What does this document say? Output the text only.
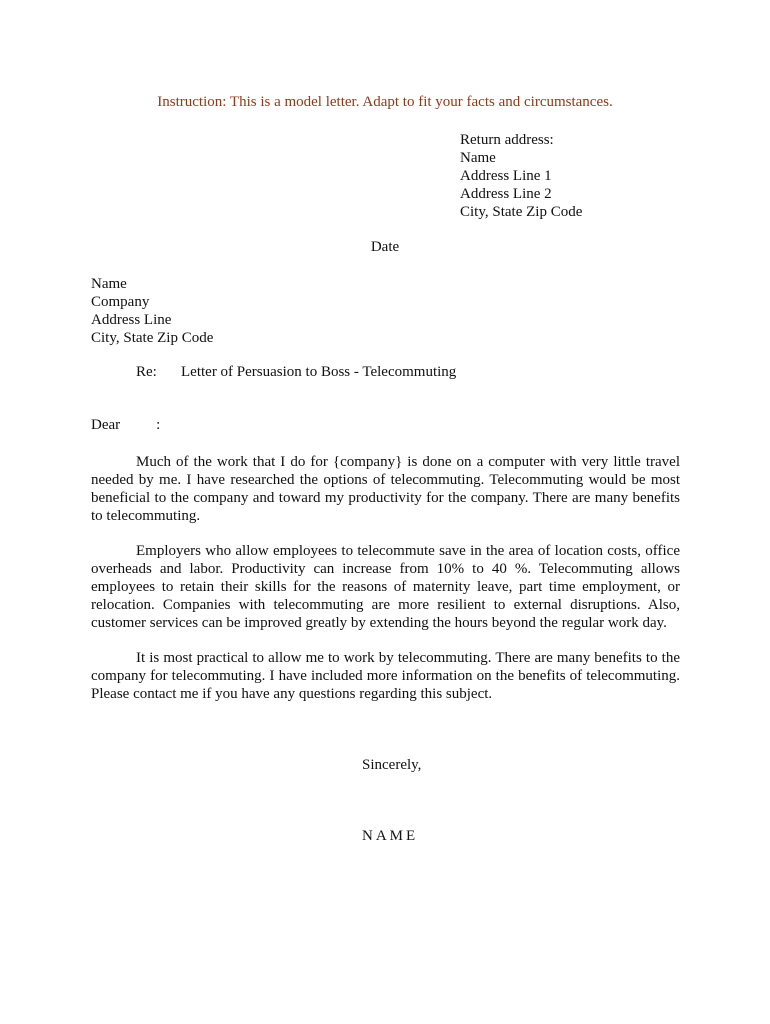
Instruction: This is a model letter. Adapt to fit your facts and circumstances.
Return address:
Name
Address Line 1
Address Line 2
City, State Zip Code
Date
Name
Company
Address Line
City, State Zip Code
Re: Letter of Persuasion to Boss - Telecommuting
Dear :

Much of the work that I do for {company} is done on a computer with very little travel needed by me. I have researched the options of telecommuting. Telecommuting would be most beneficial to the company and toward my productivity for the company. There are many benefits to telecommuting.

Employers who allow employees to telecommute save in the area of location costs, office overheads and labor. Productivity can increase from 10% to 40 %. Telecommuting allows employees to retain their skills for the reasons of maternity leave, part time employment, or relocation. Companies with telecommuting are more resilient to external disruptions. Also, customer services can be improved greatly by extending the hours beyond the regular work day.

It is most practical to allow me to work by telecommuting. There are many benefits to the company for telecommuting. I have included more information on the benefits of telecommuting. Please contact me if you have any questions regarding this subject.

Sincerely,
NAME
